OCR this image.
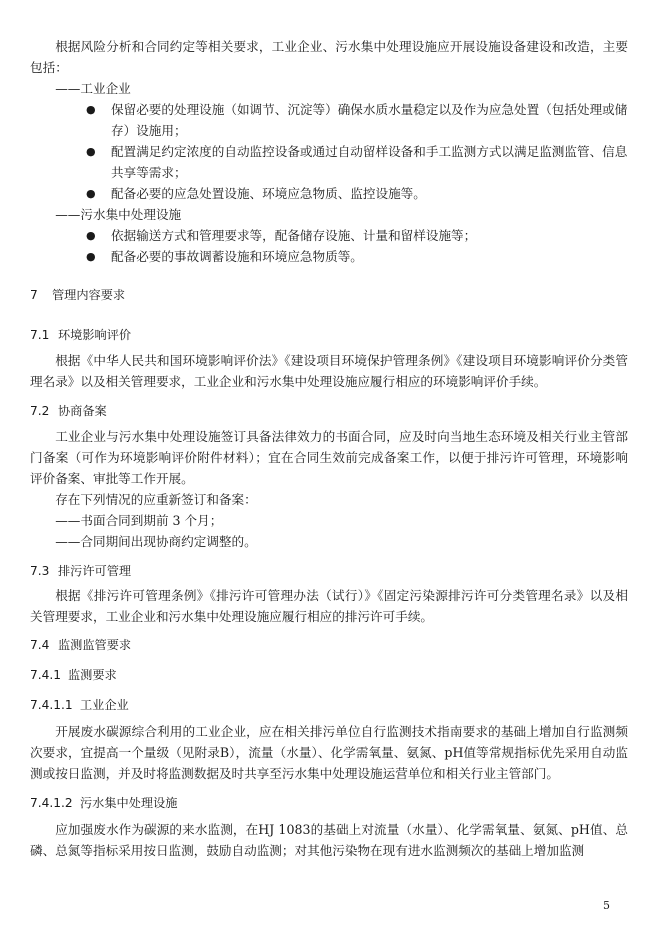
根据风险分析和合同约定等相关要求，工业企业、污水集中处理设施应开展设施设备建设和改造，主要包括：

——工业企业

●	保留必要的处理设施（如调节、沉淀等）确保水质水量稳定以及作为应急处置（包括处理或储存）设施用；
●	配置满足约定浓度的自动监控设备或通过自动留样设备和手工监测方式以满足监测监管、信息共享等需求；
●	配备必要的应急处置设施、环境应急物质、监控设施等。

——污水集中处理设施

●	依据输送方式和管理要求等，配备储存设施、计量和留样设施等；
●	配备必要的事故调蓄设施和环境应急物质等。
7 管理内容要求
7.1 环境影响评价

根据《中华人民共和国环境影响评价法》《建设项目环境保护管理条例》《建设项目环境影响评价分类管理名录》以及相关管理要求，工业企业和污水集中处理设施应履行相应的环境影响评价手续。

7.2 协商备案

工业企业与污水集中处理设施签订具备法律效力的书面合同，应及时向当地生态环境及相关行业主管部门备案（可作为环境影响评价附件材料）；宜在合同生效前完成备案工作，以便于排污许可管理，环境影响评价备案、审批等工作开展。

存在下列情况的应重新签订和备案：

——书面合同到期前 3 个月；

——合同期间出现协商约定调整的。

7.3 排污许可管理

根据《排污许可管理条例》《排污许可管理办法（试行）》《固定污染源排污许可分类管理名录》以及相关管理要求，工业企业和污水集中处理设施应履行相应的排污许可手续。

7.4 监测监管要求
7.4.1 监测要求
7.4.1.1 工业企业

开展废水碳源综合利用的工业企业，应在相关排污单位自行监测技术指南要求的基础上增加自行监测频次要求，宜提高一个量级（见附录B），流量（水量）、化学需氧量、氨氮、pH值等常规指标优先采用自动监测或按日监测，并及时将监测数据及时共享至污水集中处理设施运营单位和相关行业主管部门。

7.4.1.2 污水集中处理设施

应加强废水作为碳源的来水监测，在HJ 1083的基础上对流量（水量）、化学需氧量、氨氮、pH值、总磷、总氮等指标采用按日监测，鼓励自动监测；对其他污染物在现有进水监测频次的基础上增加监测

5
